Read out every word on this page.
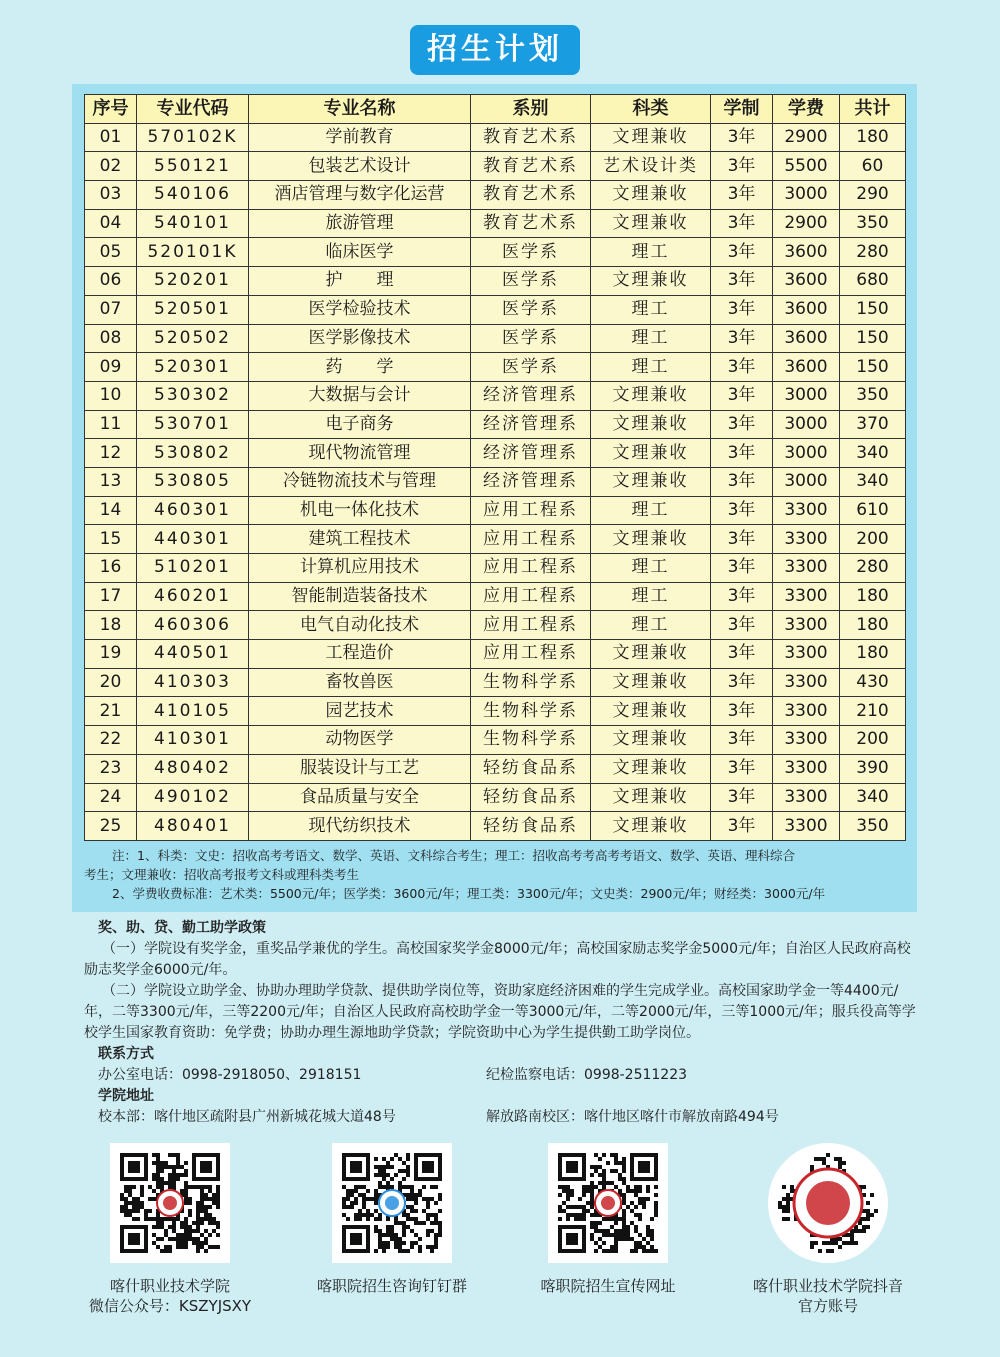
招生计划
序号	专业代码	专业名称	系别	科类	学制	学费	共计
01	570102K	学前教育	教育艺术系	文理兼收	3年	2900	180
02	550121	包装艺术设计	教育艺术系	艺术设计类	3年	5500	60
03	540106	酒店管理与数字化运营	教育艺术系	文理兼收	3年	3000	290
04	540101	旅游管理	教育艺术系	文理兼收	3年	2900	350
05	520101K	临床医学	医学系	理工	3年	3600	280
06	520201	护　　理	医学系	文理兼收	3年	3600	680
07	520501	医学检验技术	医学系	理工	3年	3600	150
08	520502	医学影像技术	医学系	理工	3年	3600	150
09	520301	药　　学	医学系	理工	3年	3600	150
10	530302	大数据与会计	经济管理系	文理兼收	3年	3000	350
11	530701	电子商务	经济管理系	文理兼收	3年	3000	370
12	530802	现代物流管理	经济管理系	文理兼收	3年	3000	340
13	530805	冷链物流技术与管理	经济管理系	文理兼收	3年	3000	340
14	460301	机电一体化技术	应用工程系	理工	3年	3300	610
15	440301	建筑工程技术	应用工程系	文理兼收	3年	3300	200
16	510201	计算机应用技术	应用工程系	理工	3年	3300	280
17	460201	智能制造装备技术	应用工程系	理工	3年	3300	180
18	460306	电气自动化技术	应用工程系	理工	3年	3300	180
19	440501	工程造价	应用工程系	文理兼收	3年	3300	180
20	410303	畜牧兽医	生物科学系	文理兼收	3年	3300	430
21	410105	园艺技术	生物科学系	文理兼收	3年	3300	210
22	410301	动物医学	生物科学系	文理兼收	3年	3300	200
23	480402	服装设计与工艺	轻纺食品系	文理兼收	3年	3300	390
24	490102	食品质量与安全	轻纺食品系	文理兼收	3年	3300	340
25	480401	现代纺织技术	轻纺食品系	文理兼收	3年	3300	350

注：1、科类：文史：招收高考考语文、数学、英语、文科综合考生；理工：招收高考考高考考语文、数学、英语、理科综合

考生；文理兼收：招收高考报考文科或理科类考生

2、学费收费标准：艺术类：5500元/年；医学类：3600元/年；理工类：3300元/年；文史类：2900元/年；财经类：3000元/年

奖、助、贷、勤工助学政策

（一）学院设有奖学金，重奖品学兼优的学生。高校国家奖学金8000元/年；高校国家励志奖学金5000元/年；自治区人民政府高校励志奖学金6000元/年。

（二）学院设立助学金、协助办理助学贷款、提供助学岗位等，资助家庭经济困难的学生完成学业。高校国家助学金一等4400元/年，二等3300元/年，三等2200元/年；自治区人民政府高校助学金一等3000元/年，二等2000元/年，三等1000元/年；服兵役高等学校学生国家教育资助：免学费；协助办理生源地助学贷款；学院资助中心为学生提供勤工助学岗位。

联系方式

办公室电话：0998-2918050、2918151	纪检监察电话：0998-2511223

学院地址

校本部：喀什地区疏附县广州新城花城大道48号	解放路南校区：喀什地区喀什市解放南路494号
喀什职业技术学院
微信公众号：KSZYJSXY
喀职院招生咨询钉钉群	喀职院招生宣传网址	喀什职业技术学院抖音
官方账号
